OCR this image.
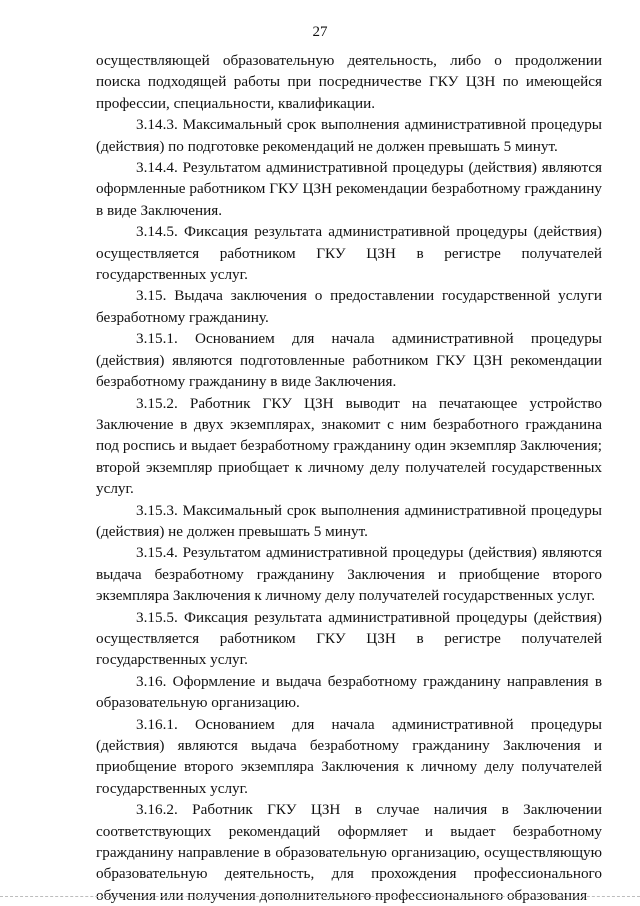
27

осуществляющей образовательную деятельность, либо о продолжении поиска подходящей работы при посредничестве ГКУ ЦЗН по имеющейся профессии, специальности, квалификации.

3.14.3. Максимальный срок выполнения административной процедуры (действия) по подготовке рекомендаций не должен превышать 5 минут.

3.14.4. Результатом административной процедуры (действия) являются оформленные работником ГКУ ЦЗН рекомендации безработному гражданину в виде Заключения.

3.14.5. Фиксация результата административной процедуры (действия) осуществляется работником ГКУ ЦЗН в регистре получателей государственных услуг.

3.15. Выдача заключения о предоставлении государственной услуги безработному гражданину.

3.15.1. Основанием для начала административной процедуры (действия) являются подготовленные работником ГКУ ЦЗН рекомендации безработному гражданину в виде Заключения.

3.15.2. Работник ГКУ ЦЗН выводит на печатающее устройство Заключение в двух экземплярах, знакомит с ним безработного гражданина под роспись и выдает безработному гражданину один экземпляр Заключения; второй экземпляр приобщает к личному делу получателей государственных услуг.

3.15.3. Максимальный срок выполнения административной процедуры (действия) не должен превышать 5 минут.

3.15.4. Результатом административной процедуры (действия) являются выдача безработному гражданину Заключения и приобщение второго экземпляра Заключения к личному делу получателей государственных услуг.

3.15.5. Фиксация результата административной процедуры (действия) осуществляется работником ГКУ ЦЗН в регистре получателей государственных услуг.

3.16. Оформление и выдача безработному гражданину направления в образовательную организацию.

3.16.1. Основанием для начала административной процедуры (действия) являются выдача безработному гражданину Заключения и приобщение второго экземпляра Заключения к личному делу получателей государственных услуг.

3.16.2. Работник ГКУ ЦЗН в случае наличия в Заключении соответствующих рекомендаций оформляет и выдает безработному гражданину направление в образовательную организацию, осуществляющую образовательную деятельность, для прохождения профессионального обучения или получения дополнительного профессионального образования
